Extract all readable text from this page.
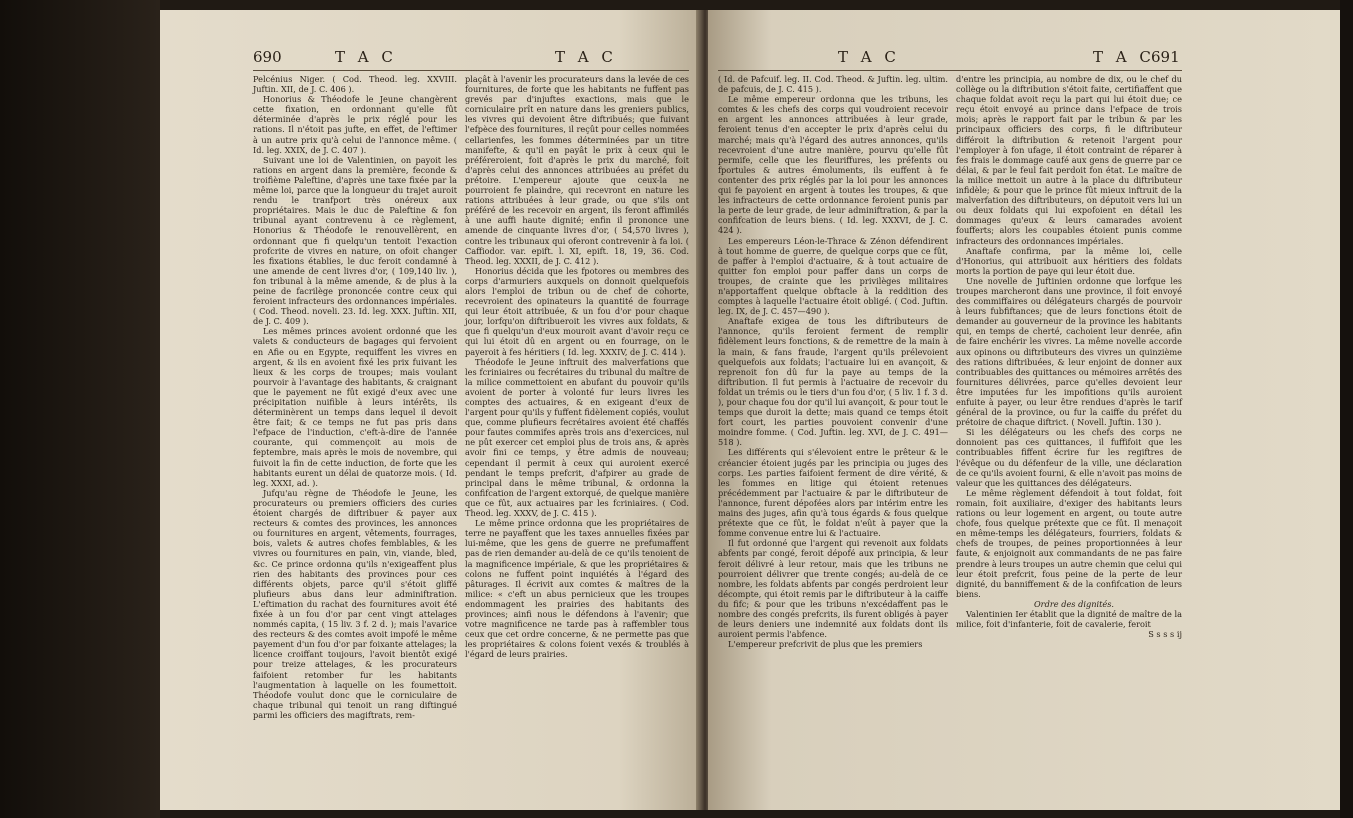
690	T A C	T A C

Pelcénius Niger. ( Cod. Theod. leg. XXVIII. Juftin. XII, de J. C. 406 ).

Honorius & Théodofe le Jeune changèrent cette fixation, en ordonnant qu'elle fût déterminée d'après le prix réglé pour les rations. Il n'étoit pas jufte, en effet, de l'eftimer à un autre prix qu'à celui de l'annonce même. ( Id. leg. XXIX, de J. C. 407 ).

Suivant une loi de Valentinien, on payoit les rations en argent dans la première, feconde & troifième Paleftine, d'après une taxe fixée par la même loi, parce que la longueur du trajet auroit rendu le tranfport très onéreux aux propriétaires. Mais le duc de Paleftine & fon tribunal ayant contrevenu à ce règlement, Honorius & Théodofe le renouvellèrent, en ordonnant que fi quelqu'un tentoit l'exaction profcrite de vivres en nature, on ofoit changer les fixations établies, le duc feroit condamné à une amende de cent livres d'or, ( 109,140 liv. ), fon tribunal à la même amende, & de plus à la peine de facrilège prononcée contre ceux qui feroient infracteurs des ordonnances impériales. ( Cod. Theod. noveli. 23. Id. leg. XXX. Juftin. XII, de J. C. 409 ).

Les mêmes princes avoient ordonné que les valets & conducteurs de bagages qui fervoient en Afie ou en Egypte, requiffent les vivres en argent, & ils en avoient fixé les prix fuivant les lieux & les corps de troupes; mais voulant pourvoir à l'avantage des habitants, & craignant que le payement ne fût exigé d'eux avec une précipitation nuifible à leurs intérêts, ils déterminèrent un temps dans lequel il devoit être fait; & ce temps ne fut pas pris dans l'efpace de l'induction, c'eft-à-dire de l'année courante, qui commençoit au mois de feptembre, mais après le mois de novembre, qui fuivoit la fin de cette induction, de forte que les habitants eurent un délai de quatorze mois. ( Id. leg. XXXI, ad. ).

Jufqu'au règne de Théodofe le Jeune, les procurateurs ou premiers officiers des curies étoient chargés de diftribuer & payer aux recteurs & comtes des provinces, les annonces ou fournitures en argent, vêtements, fourrages, bois, valets & autres chofes femblables, & les vivres ou fournitures en pain, vin, viande, bled, &c. Ce prince ordonna qu'ils n'exigeaffent plus rien des habitants des provinces pour ces différents objets, parce qu'il s'étoit gliffé plufieurs abus dans leur adminiftration. L'eftimation du rachat des fournitures avoit été fixée à un fou d'or par cent vingt attelages nommés capita, ( 15 liv. 3 f. 2 d. ); mais l'avarice des recteurs & des comtes avoit impofé le même payement d'un fou d'or par foixante attelages; la licence croiffant toujours, l'avoit bientôt exigé pour treize attelages, & les procurateurs faifoient retomber fur les habitants l'augmentation à laquelle on les foumettoit. Théodofe voulut donc que le corniculaire de chaque tribunal qui tenoit un rang diftingué parmi les officiers des magiftrats, rem-

plaçât à l'avenir les procurateurs dans la levée de ces fournitures, de forte que les habitants ne fuffent pas grevés par d'injuftes exactions, mais que le corniculaire prît en nature dans les greniers publics, les vivres qui devoient être diftribués; que fuivant l'efpèce des fournitures, il reçût pour celles nommées cellarienfes, les fommes déterminées par un titre manifefte, & qu'il en payât le prix à ceux qui le préféreroient, foit d'après le prix du marché, foit d'après celui des annonces attribuées au préfet du prétoire. L'empereur ajoute que ceux-la ne pourroient fe plaindre, qui recevront en nature les rations attribuées à leur grade, ou que s'ils ont préféré de les recevoir en argent, ils feront affimilés à une auffi haute dignité; enfin il prononce une amende de cinquante livres d'or, ( 54,570 livres ), contre les tribunaux qui oferont contrevenir à fa loi. ( Caffiodor. var. epift. l. XI, epift. 18, 19, 36. Cod. Theod. leg. XXXII, de J. C. 412 ).

Honorius décida que les fpotores ou membres des corps d'armuriers auxquels on donnoit quelquefois alors l'emploi de tribun ou de chef de cohorte, recevroient des opinateurs la quantité de fourrage qui leur étoit attribuée, & un fou d'or pour chaque jour, lorfqu'on diftribueroit les vivres aux foldats, & que fi quelqu'un d'eux mouroit avant d'avoir reçu ce qui lui étoit dû en argent ou en fourrage, on le payeroit à fes héritiers ( Id. leg. XXXIV, de J. C. 414 ).

Théodofe le Jeune inftruit des malverfations que les fcriniaires ou fecrétaires du tribunal du maître de la milice commettoient en abufant du pouvoir qu'ils avoient de porter à volonté fur leurs livres les comptes des actuaires, & en exigeant d'eux de l'argent pour qu'ils y fuffent fidèlement copiés, voulut que, comme plufieurs fecrétaires avoient été chaffés pour fautes commifes après trois ans d'exercices, nul ne pût exercer cet emploi plus de trois ans, & après avoir fini ce temps, y être admis de nouveau; cependant il permit à ceux qui auroient exercé pendant le temps prefcrit, d'afpirer au grade de principal dans le même tribunal, & ordonna la confifcation de l'argent extorqué, de quelque manière que ce fût, aux actuaires par les fcriniaires. ( Cod. Theod. leg. XXXV, de J. C. 415 ).

Le même prince ordonna que les propriétaires de terre ne payaffent que les taxes annuelles fixées par lui-même, que les gens de guerre ne prefumaffent pas de rien demander au-delà de ce qu'ils tenoient de la magnificence impériale, & que les propriétaires & colons ne fuffent point inquiétés à l'égard des pâturages. Il écrivit aux comtes & maîtres de la milice: « c'eft un abus pernicieux que les troupes endommagent les prairies des habitants des provinces; ainfi nous le défendons à l'avenir; que votre magnificence ne tarde pas à raffembler tous ceux que cet ordre concerne, & ne permette pas que les propriétaires & colons foient vexés & troublés à l'égard de leurs prairies.

T A C	T A C
691

( Id. de Pafcuif. leg. II. Cod. Theod. & Juftin. leg. ultim. de pafcuis, de J. C. 415 ).

Le même empereur ordonna que les tribuns, les comtes & les chefs des corps qui voudroient recevoir en argent les annonces attribuées à leur grade, feroient tenus d'en accepter le prix d'après celui du marché; mais qu'à l'égard des autres annonces, qu'ils recevroient d'une autre manière, pourvu qu'elle fût permife, celle que les fleuriffures, les préfents ou fportules & autres émoluments, ils euffent à fe contenter des prix réglés par la loi pour les annonces qui fe payoient en argent à toutes les troupes, & que les infracteurs de cette ordonnance feroient punis par la perte de leur grade, de leur adminiftration, & par la confifcation de leurs biens. ( Id. leg. XXXVI, de J. C. 424 ).

Les empereurs Léon-le-Thrace & Zénon défendirent à tout homme de guerre, de quelque corps que ce fût, de paffer à l'emploi d'actuaire, & à tout actuaire de quitter fon emploi pour paffer dans un corps de troupes, de crainte que les privilèges militaires n'apportaffent quelque obftacle à la reddition des comptes à laquelle l'actuaire étoit obligé. ( Cod. Juftin. leg. IX, de J. C. 457—490 ).

Anaftafe exigea de tous les diftributeurs de l'annonce, qu'ils feroient ferment de remplir fidèlement leurs fonctions, & de remettre de la main à la main, & fans fraude, l'argent qu'ils prélevoient quelquefois aux foldats; l'actuaire lui en avançoit, & reprenoit fon dû fur la paye au temps de la diftribution. Il fut permis à l'actuaire de recevoir du foldat un trémis ou le tiers d'un fou d'or, ( 5 liv. 1 f. 3 d. ), pour chaque fou dor qu'il lui avançoit, & pour tout le temps que duroit la dette; mais quand ce temps étoit fort court, les parties pouvoient convenir d'une moindre fomme. ( Cod. Juftin. leg. XVI, de J. C. 491—518 ).

Les différents qui s'élevoient entre le prêteur & le créancier étoient jugés par les principia ou juges des corps. Les parties faifoient ferment de dire vérité, & les fommes en litige qui étoient retenues précédemment par l'actuaire & par le diftributeur de l'annonce, furent dépofées alors par intérim entre les mains des juges, afin qu'à tous égards & fous quelque prétexte que ce fût, le foldat n'eût à payer que la fomme convenue entre lui & l'actuaire.

Il fut ordonné que l'argent qui revenoit aux foldats abfents par congé, feroit dépofé aux principia, & leur feroit délivré à leur retour, mais que les tribuns ne pourroient délivrer que trente congés; au-delà de ce nombre, les foldats abfents par congés perdroient leur décompte, qui étoit remis par le diftributeur à la caiffe du fifc; & pour que les tribuns n'excédaffent pas le nombre des congés prefcrits, ils furent obligés à payer de leurs deniers une indemnité aux foldats dont ils auroient permis l'abfence.

L'empereur prefcrivit de plus que les premiers

d'entre les principia, au nombre de dix, ou le chef du collège ou la diftribution s'étoit faite, certifiaffent que chaque foldat avoit reçu la part qui lui étoit due; ce reçu étoit envoyé au prince dans l'efpace de trois mois; après le rapport fait par le tribun & par les principaux officiers des corps, fi le diftributeur différoit la diftribution & retenoit l'argent pour l'employer à fon ufage, il étoit contraint de réparer à fes frais le dommage caufé aux gens de guerre par ce délai, & par le feul fait perdoit fon état. Le maître de la milice mettoit un autre à la place du diftributeur infidèle; & pour que le prince fût mieux inftruit de la malverfation des diftributeurs, on députoit vers lui un ou deux foldats qui lui expofoient en détail les dommages qu'eux & leurs camarades avoient foufferts; alors les coupables étoient punis comme infracteurs des ordonnances impériales.

Anaftafe confirma, par la même loi, celle d'Honorius, qui attribuoit aux héritiers des foldats morts la portion de paye qui leur étoit due.

Une novelle de Juftinien ordonne que lorfque les troupes marcheront dans une province, il foit envoyé des commiffaires ou délégateurs chargés de pourvoir à leurs fubfiftances; que de leurs fonctions étoit de demander au gouverneur de la province les habitants qui, en temps de cherté, cachoient leur denrée, afin de faire enchérir les vivres. La même novelle accorde aux opinons ou diftributeurs des vivres un quinzième des rations diftribuées, & leur enjoint de donner aux contribuables des quittances ou mémoires arrêtés des fournitures délivrées, parce qu'elles devoient leur être imputées fur les impofitions qu'ils auroient enfuite à payer, ou leur être rendues d'après le tarif général de la province, ou fur la caiffe du préfet du prétoire de chaque diftrict. ( Novell. Juftin. 130 ).

Si les délégateurs ou les chefs des corps ne donnoient pas ces quittances, il fuffifoit que les contribuables fiffent écrire fur les regiftres de l'évêque ou du défenfeur de la ville, une déclaration de ce qu'ils avoient fourni, & elle n'avoit pas moins de valeur que les quittances des délégateurs.

Le même règlement défendoit à tout foldat, foit romain, foit auxiliaire, d'exiger des habitants leurs rations ou leur logement en argent, ou toute autre chofe, fous quelque prétexte que ce fût. Il menaçoit en même-temps les délégateurs, fourriers, foldats & chefs de troupes, de peines proportionnées à leur faute, & enjoignoit aux commandants de ne pas faire prendre à leurs troupes un autre chemin que celui qui leur étoit prefcrit, fous peine de la perte de leur dignité, du banniffement & de la confifcation de leurs biens.

Ordre des dignités.

Valentinien Ier établit que la dignité de maître de la milice, foit d'infanterie, foit de cavalerie, feroit

S s s s ij
